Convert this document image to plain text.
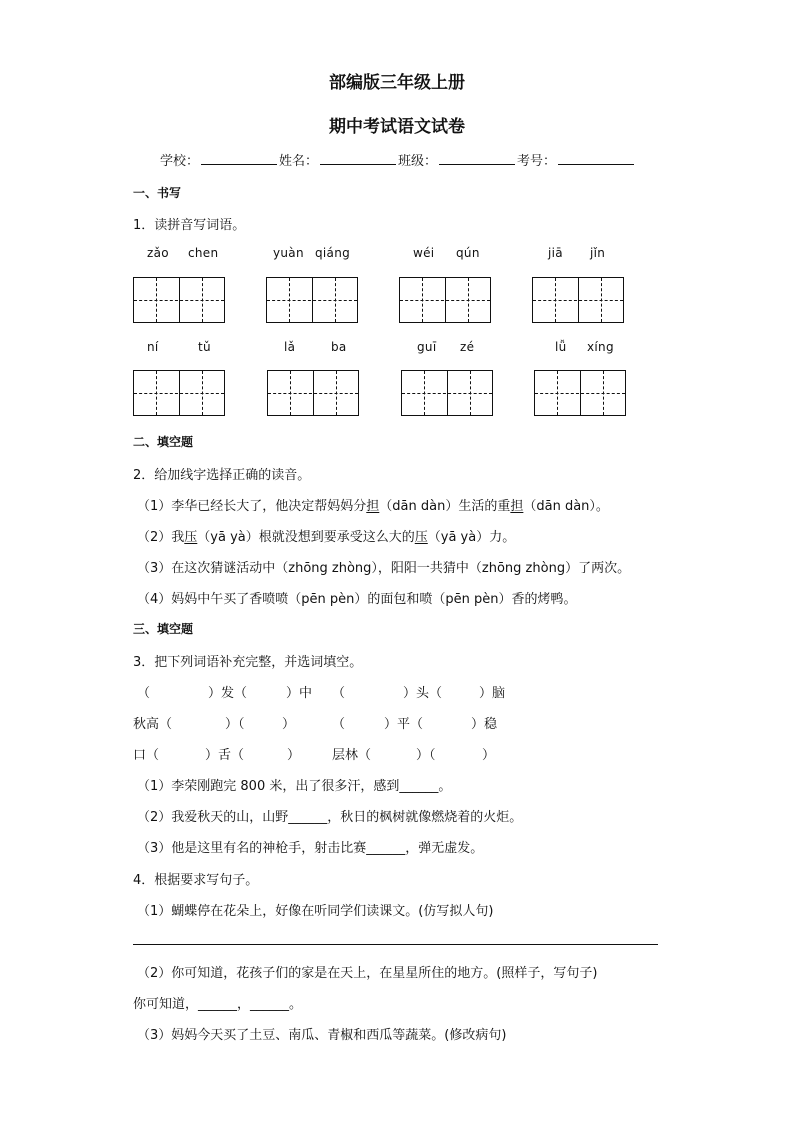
部编版三年级上册
期中考试语文试卷
学校：	姓名：	班级：	考号：
一、书写
1．读拼音写词语。
zǎo chen	yuàn qiáng	wéi qún	jiā jǐn
ní	tǔ	lǎ	ba	guī zé	lǚ xíng
二、填空题
2．给加线字选择正确的读音。
（1）李华已经长大了，他决定帮妈妈分担（dān dàn）生活的重担（dān dàn）。
（2）我压（yā yà）根就没想到要承受这么大的压（yā yà）力。
（3）在这次猜谜活动中（zhōng zhòng），阳阳一共猜中（zhōng zhòng）了两次。
（4）妈妈中午买了香喷喷（pēn pèn）的面包和喷（pēn pèn）香的烤鸭。
三、填空题
3．把下列词语补充完整，并选词填空。
（	）发（	）中 （	）头（	）脑
秋高（	）（	）	（	）平（	）稳
口（	）舌（	） 层林（	）（	）
（1）李荣刚跑完 800 米，出了很多汗，感到______。
（2）我爱秋天的山，山野______，秋日的枫树就像燃烧着的火炬。
（3）他是这里有名的神枪手，射击比赛______，弹无虚发。
4．根据要求写句子。
（1）蝴蝶停在花朵上，好像在听同学们读课文。(仿写拟人句)
（2）你可知道，花孩子们的家是在天上，在星星所住的地方。(照样子，写句子)
你可知道，______，______。
（3）妈妈今天买了土豆、南瓜、青椒和西瓜等蔬菜。(修改病句)
